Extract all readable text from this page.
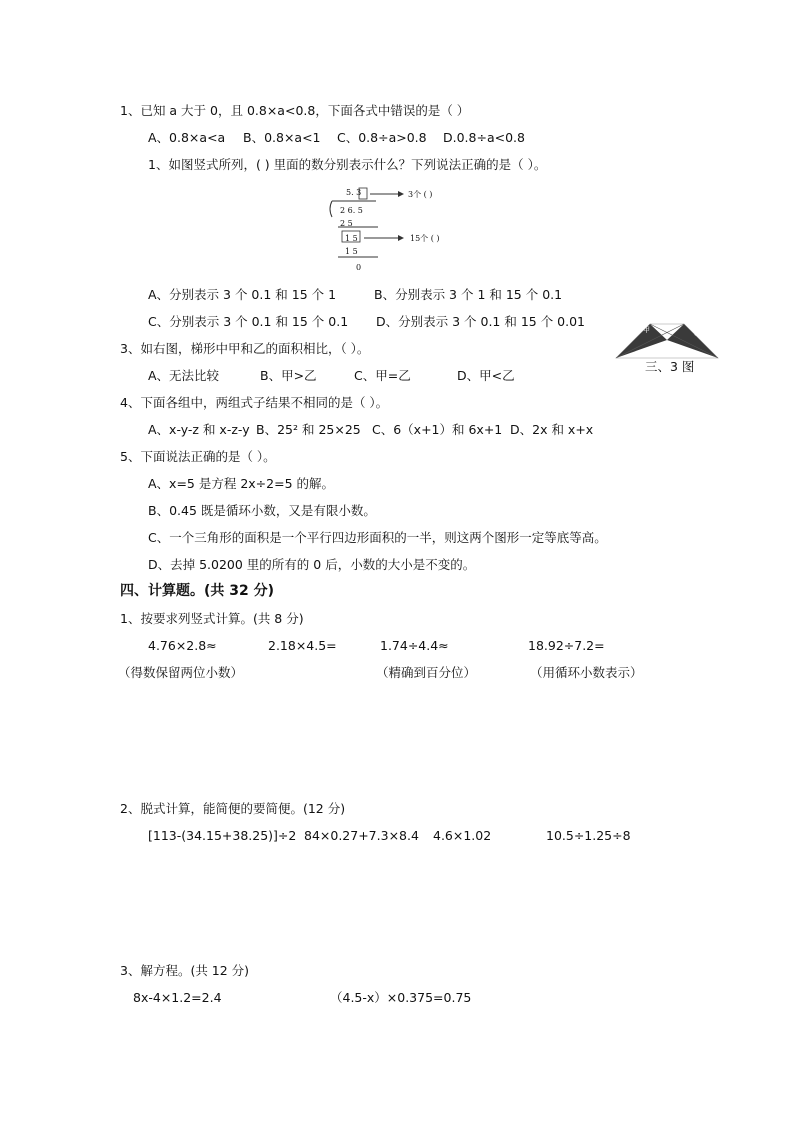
1、已知 a 大于 0，且 0.8×a<0.8，下面各式中错误的是（ ）
A、0.8×a<a B、0.8×a<1 C、0.8÷a>0.8 D.0.8÷a<0.8
1、如图竖式所列，( ) 里面的数分别表示什么？下列说法正确的是（ ）。
5. 3	3个 ( )
2 6. 5
2 5
1 5	15个 ( )
1 5
0
A、分别表示 3 个 0.1 和 15 个 1	B、分别表示 3 个 1 和 15 个 0.1
C、分别表示 3 个 0.1 和 15 个 0.1 D、分别表示 3 个 0.1 和 15 个 0.01
3、如右图，梯形中甲和乙的面积相比，（ ）。
甲	乙
三、3 图
A、无法比较	B、甲>乙	C、甲=乙	D、甲<乙
4、下面各组中，两组式子结果不相同的是（ ）。
A、x-y-z 和 x-z-y B、25² 和 25×25 C、6（x+1）和 6x+1 D、2x 和 x+x
5、下面说法正确的是（ ）。
A、x=5 是方程 2x÷2=5 的解。
B、0.45 既是循环小数，又是有限小数。
C、一个三角形的面积是一个平行四边形面积的一半，则这两个图形一定等底等高。
D、去掉 5.0200 里的所有的 0 后，小数的大小是不变的。
四、计算题。(共 32 分)
1、按要求列竖式计算。(共 8 分)
4.76×2.8≈	2.18×4.5=	1.74÷4.4≈	18.92÷7.2=
（得数保留两位小数）	（精确到百分位）	（用循环小数表示）
2、脱式计算，能简便的要简便。(12 分)
[113-(34.15+38.25)]÷2 84×0.27+7.3×8.4 4.6×1.02	10.5÷1.25÷8
3、解方程。(共 12 分)
8x-4×1.2=2.4	（4.5-x）×0.375=0.75
